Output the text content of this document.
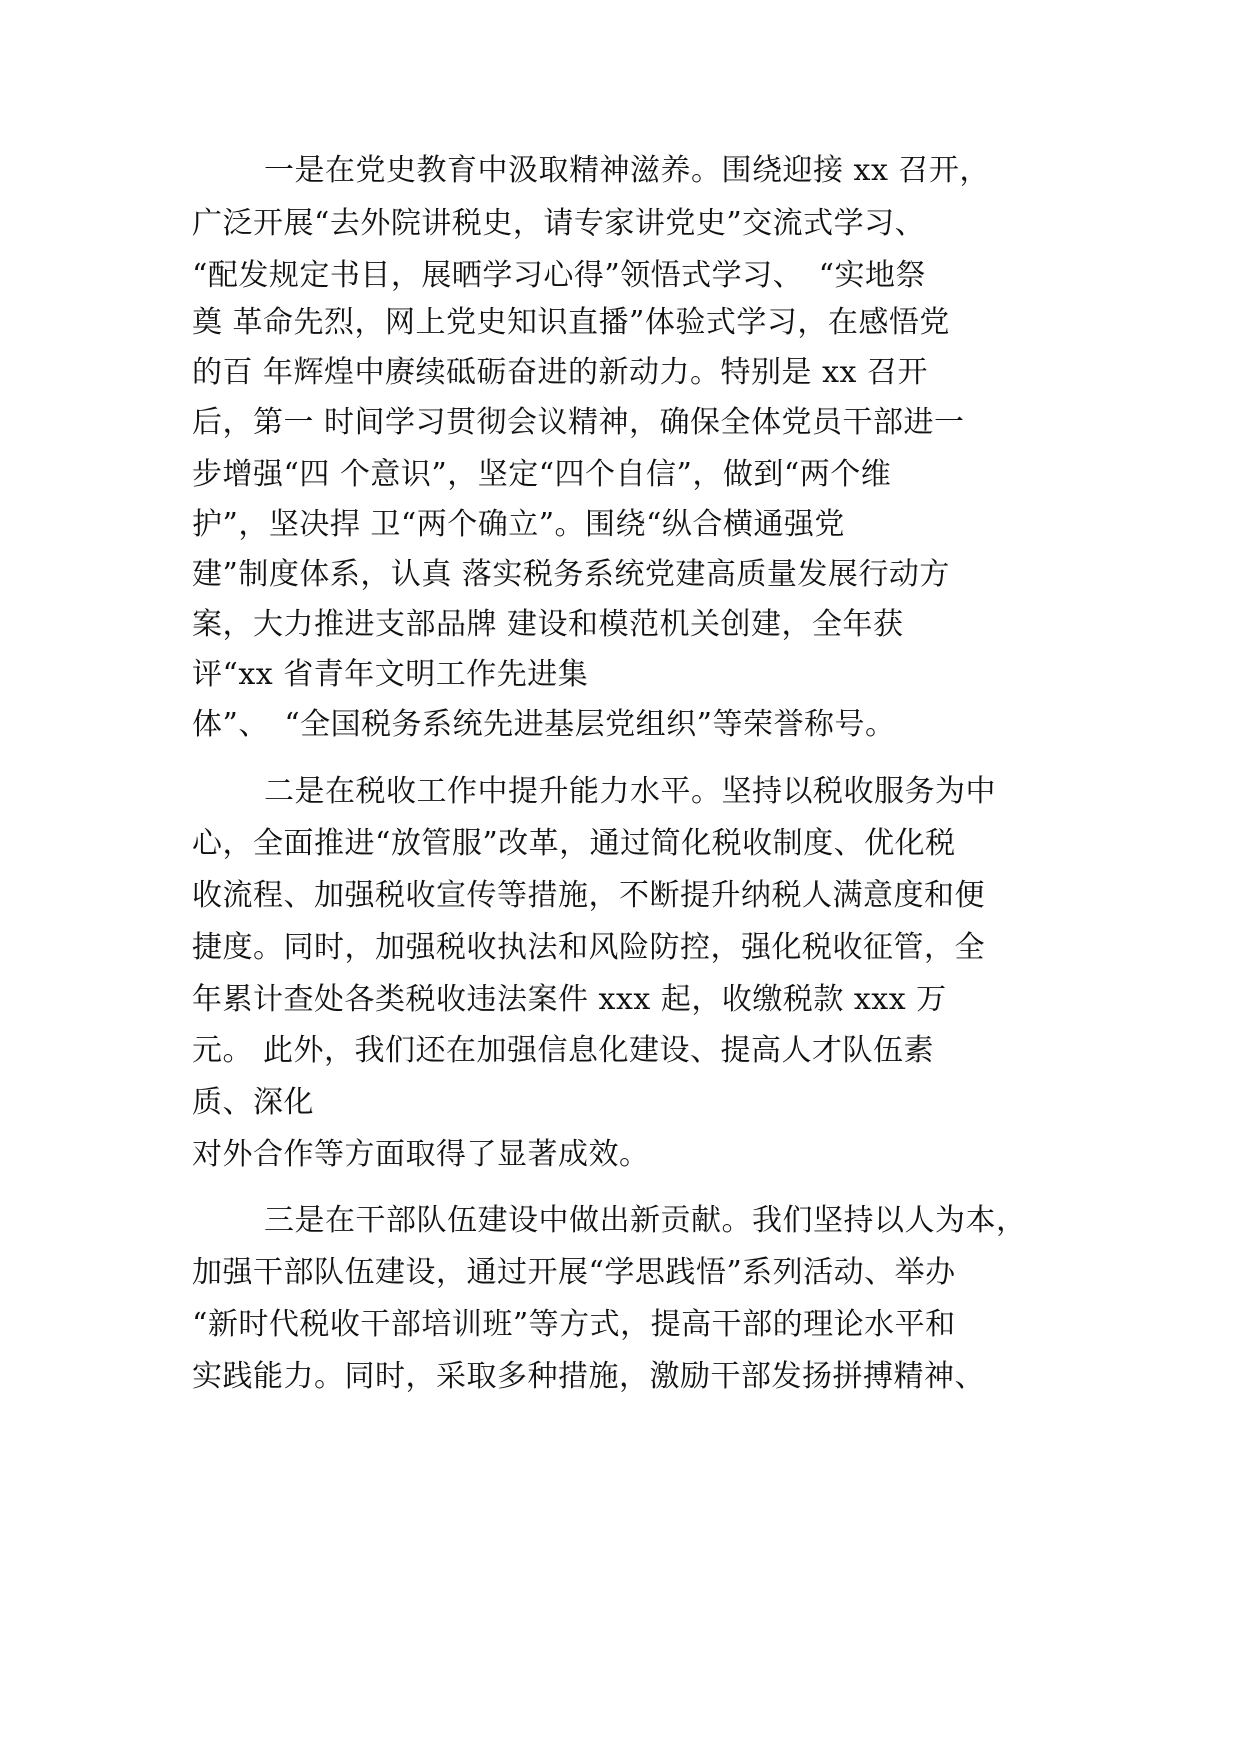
一是在党史教育中汲取精神滋养。围绕迎接 xx 召开，

广泛开展“去外院讲税史，请专家讲党史”交流式学习、

“配发规定书目，展晒学习心得”领悟式学习、　“实地祭

奠 革命先烈，网上党史知识直播”体验式学习，在感悟党

的百 年辉煌中赓续砥砺奋进的新动力。特别是 xx 召开

后，第一 时间学习贯彻会议精神，确保全体党员干部进一

步增强“四 个意识”，坚定“四个自信”，做到“两个维

护”，坚决捍 卫“两个确立”。围绕“纵合横通强党

建”制度体系，认真 落实税务系统党建高质量发展行动方

案，大力推进支部品牌 建设和模范机关创建，全年获

评“xx 省青年文明工作先进集

体”、　“全国税务系统先进基层党组织”等荣誉称号。

二是在税收工作中提升能力水平。坚持以税收服务为中

心，全面推进“放管服”改革，通过简化税收制度、优化税

收流程、加强税收宣传等措施，不断提升纳税人满意度和便

捷度。同时，加强税收执法和风险防控，强化税收征管，全

年累计查处各类税收违法案件 xxx 起，收缴税款 xxx 万

元。 此外，我们还在加强信息化建设、提高人才队伍素

质、深化

对外合作等方面取得了显著成效。

三是在干部队伍建设中做出新贡献。我们坚持以人为本，

加强干部队伍建设，通过开展“学思践悟”系列活动、举办

“新时代税收干部培训班”等方式，提高干部的理论水平和

实践能力。同时，采取多种措施，激励干部发扬拼搏精神、
